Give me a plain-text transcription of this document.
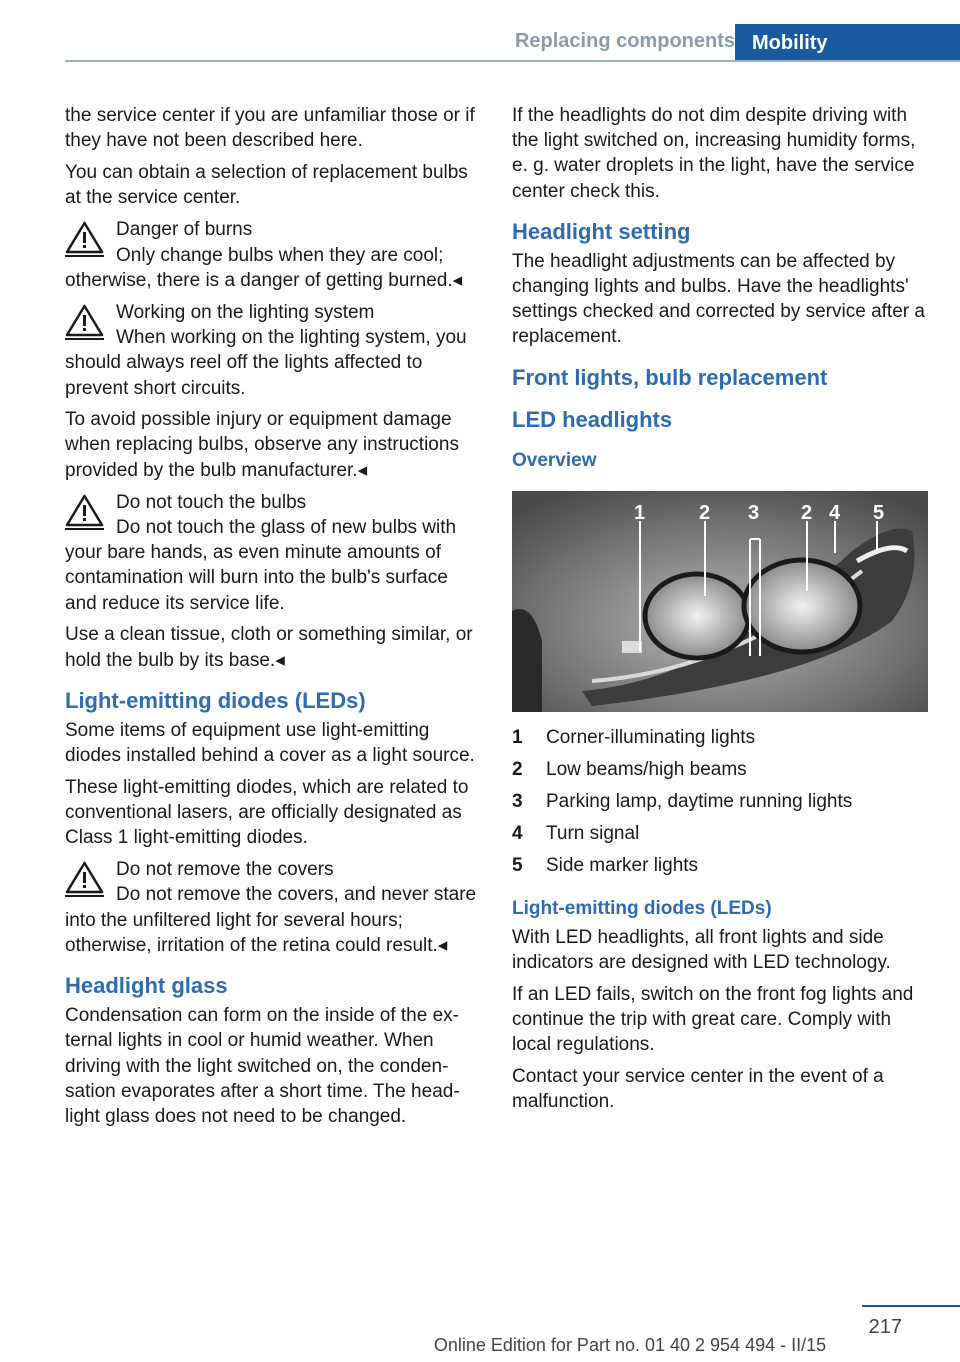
Replacing components Mobility

the service center if you are unfamiliar those or if they have not been described here.

You can obtain a selection of replacement bulbs at the service center.

Danger of burns
Only change bulbs when they are cool; otherwise, there is a danger of getting burned.◂
Working on the lighting system
When working on the lighting system, you should always reel off the lights affected to prevent short circuits.

To avoid possible injury or equipment damage when replacing bulbs, observe any instructions provided by the bulb manufacturer.◂

Do not touch the bulbs
Do not touch the glass of new bulbs with your bare hands, as even minute amounts of contamination will burn into the bulb's surface and reduce its service life.

Use a clean tissue, cloth or something similar, or hold the bulb by its base.◂

Light-emitting diodes (LEDs)

Some items of equipment use light-emitting diodes installed behind a cover as a light source.

These light-emitting diodes, which are related to conventional lasers, are officially designated as Class 1 light-emitting diodes.

Do not remove the covers
Do not remove the covers, and never stare into the unfiltered light for several hours; otherwise, irritation of the retina could result.◂
Headlight glass

Condensation can form on the inside of the external lights in cool or humid weather. When driving with the light switched on, the condensation evaporates after a short time. The headlight glass does not need to be changed.

If the headlights do not dim despite driving with the light switched on, increasing humidity forms, e. g. water droplets in the light, have the service center check this.

Headlight setting

The headlight adjustments can be affected by changing lights and bulbs. Have the headlights' settings checked and corrected by service after a replacement.

Front lights, bulb replacement
LED headlights
Overview
1	2 3 2 4 5
1	Corner-illuminating lights
2	Low beams/high beams
3	Parking lamp, daytime running lights
4	Turn signal
5	Side marker lights
Light-emitting diodes (LEDs)

With LED headlights, all front lights and side indicators are designed with LED technology.

If an LED fails, switch on the front fog lights and continue the trip with great care. Comply with local regulations.

Contact your service center in the event of a malfunction.

217
Online Edition for Part no. 01 40 2 954 494 - II/15
